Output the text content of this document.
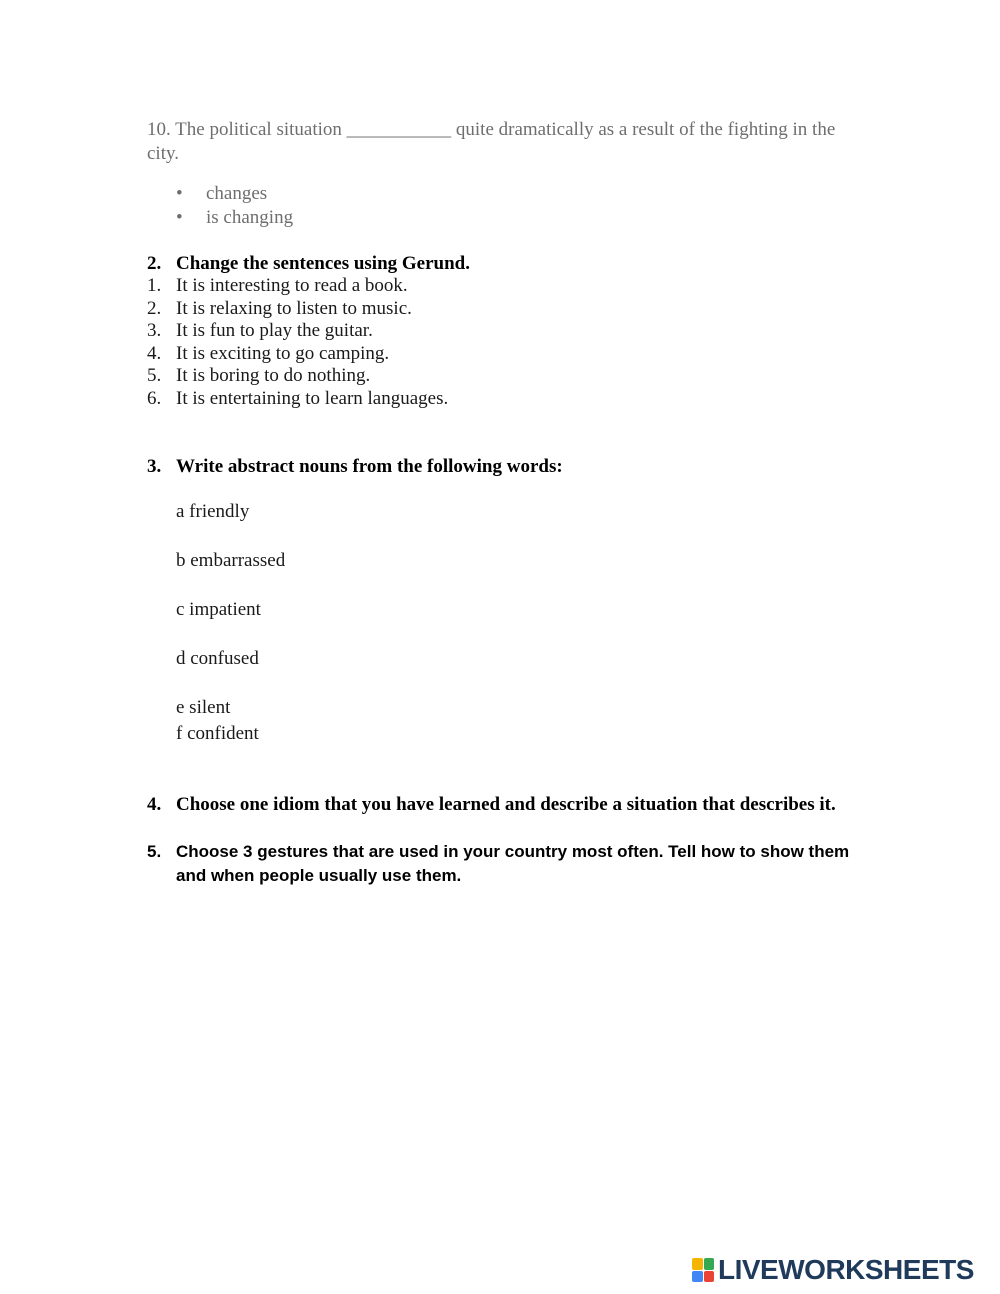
10. The political situation ___________ quite dramatically as a result of the fighting in the city.
• changes
• is changing
2. Change the sentences using Gerund.
1. It is interesting to read a book.
2. It is relaxing to listen to music.
3. It is fun to play the guitar.
4. It is exciting to go camping.
5. It is boring to do nothing.
6. It is entertaining to learn languages.
3. Write abstract nouns from the following words:
a friendly
b embarrassed
c impatient
d confused
e silent
f confident
4. Choose one idiom that you have learned and describe a situation that describes it.
5. Choose 3 gestures that are used in your country most often. Tell how to show them
and when people usually use them.
LIVEWORKSHEETS
